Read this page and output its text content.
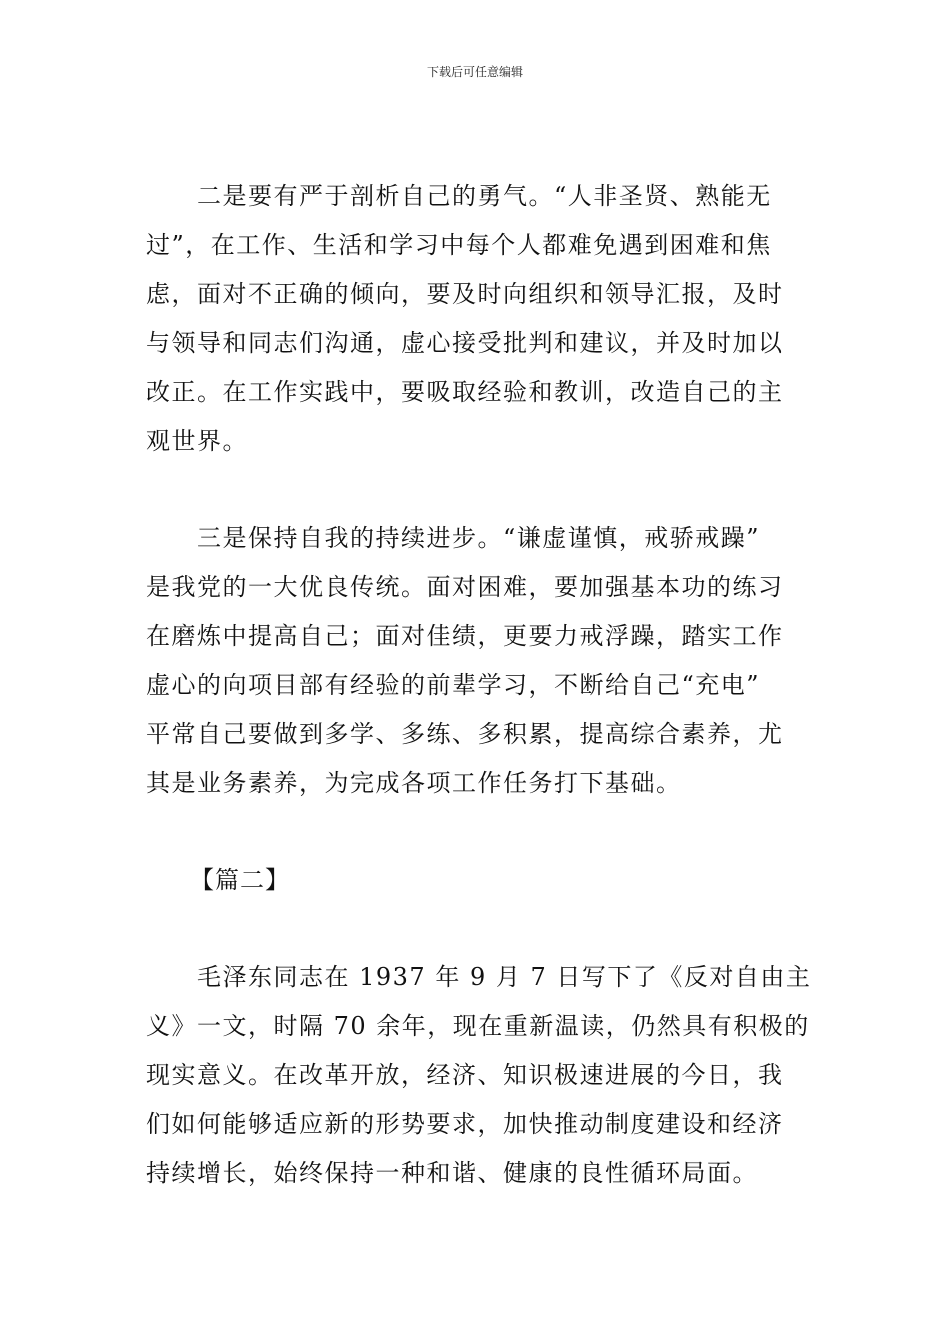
下载后可任意编辑

二是要有严于剖析自己的勇气。“人非圣贤、熟能无
过”，在工作、生活和学习中每个人都难免遇到困难和焦
虑，面对不正确的倾向，要及时向组织和领导汇报，及时
与领导和同志们沟通，虚心接受批判和建议，并及时加以
改正。在工作实践中，要吸取经验和教训，改造自己的主
观世界。

三是保持自我的持续进步。“谦虚谨慎，戒骄戒躁”
是我党的一大优良传统。面对困难，要加强基本功的练习
在磨炼中提高自己；面对佳绩，更要力戒浮躁，踏实工作
虚心的向项目部有经验的前辈学习，不断给自己“充电”
平常自己要做到多学、多练、多积累，提高综合素养，尤
其是业务素养，为完成各项工作任务打下基础。

【篇二】

毛泽东同志在 1937 年 9 月 7 日写下了《反对自由主
义》一文，时隔 70 余年，现在重新温读，仍然具有积极的
现实意义。在改革开放，经济、知识极速进展的今日，我
们如何能够适应新的形势要求，加快推动制度建设和经济
持续增长，始终保持一种和谐、健康的良性循环局面。
